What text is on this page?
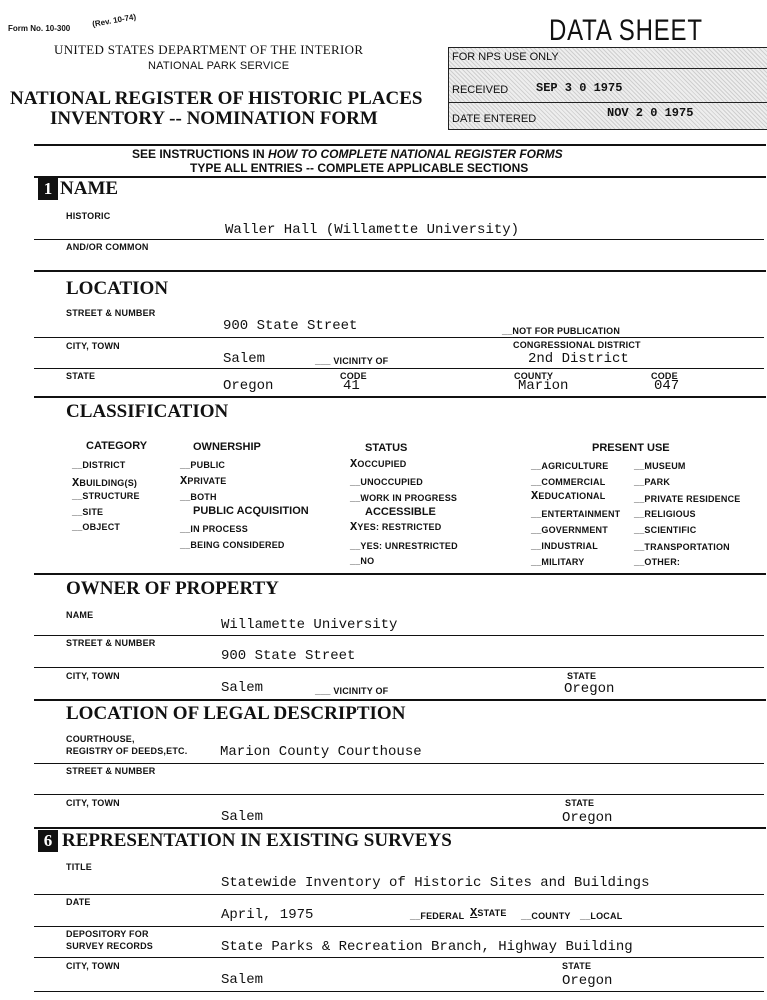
Form No. 10-300	(Rev. 10-74)
UNITED STATES DEPARTMENT OF THE INTERIOR
NATIONAL PARK SERVICE
NATIONAL REGISTER OF HISTORIC PLACES
INVENTORY -- NOMINATION FORM
DATA SHEET
FOR NPS USE ONLY
RECEIVED SEP 3 0 1975
DATE ENTERED	NOV 2 0 1975
SEE INSTRUCTIONS IN HOW TO COMPLETE NATIONAL REGISTER FORMS
TYPE ALL ENTRIES -- COMPLETE APPLICABLE SECTIONS
1 NAME
HISTORIC
Waller Hall (Willamette University)
AND/OR COMMON
LOCATION
STREET & NUMBER
900 State Street	__NOT FOR PUBLICATION
CITY, TOWN	CONGRESSIONAL DISTRICT
Salem	___ VICINITY OF	2nd District
STATE	CODE	COUNTY	CODE
Oregon	41	Marion	047
CLASSIFICATION
CATEGORY
__DISTRICT
XBUILDING(S)
__STRUCTURE
__SITE
__OBJECT
OWNERSHIP
__PUBLIC
XPRIVATE
__BOTH
PUBLIC ACQUISITION
__IN PROCESS
__BEING CONSIDERED
STATUS
XOCCUPIED
__UNOCCUPIED
__WORK IN PROGRESS
ACCESSIBLE
XYES: RESTRICTED
__YES: UNRESTRICTED
__NO
PRESENT USE
__AGRICULTURE
__COMMERCIAL
XEDUCATIONAL
__ENTERTAINMENT
__GOVERNMENT
__INDUSTRIAL
__MILITARY
__MUSEUM
__PARK
__PRIVATE RESIDENCE
__RELIGIOUS
__SCIENTIFIC
__TRANSPORTATION
__OTHER:
OWNER OF PROPERTY
NAME
Willamette University
STREET & NUMBER
900 State Street
CITY, TOWN	STATE
Salem	___ VICINITY OF	Oregon
LOCATION OF LEGAL DESCRIPTION
COURTHOUSE,
REGISTRY OF DEEDS,ETC. Marion County Courthouse
STREET & NUMBER
CITY, TOWN	STATE
Salem	Oregon
6 REPRESENTATION IN EXISTING SURVEYS
TITLE
Statewide Inventory of Historic Sites and Buildings
DATE
April, 1975	__FEDERAL XSTATE __COUNTY __LOCAL
DEPOSITORY FOR
SURVEY RECORDS	State Parks & Recreation Branch, Highway Building
CITY, TOWN	STATE
Salem	Oregon
